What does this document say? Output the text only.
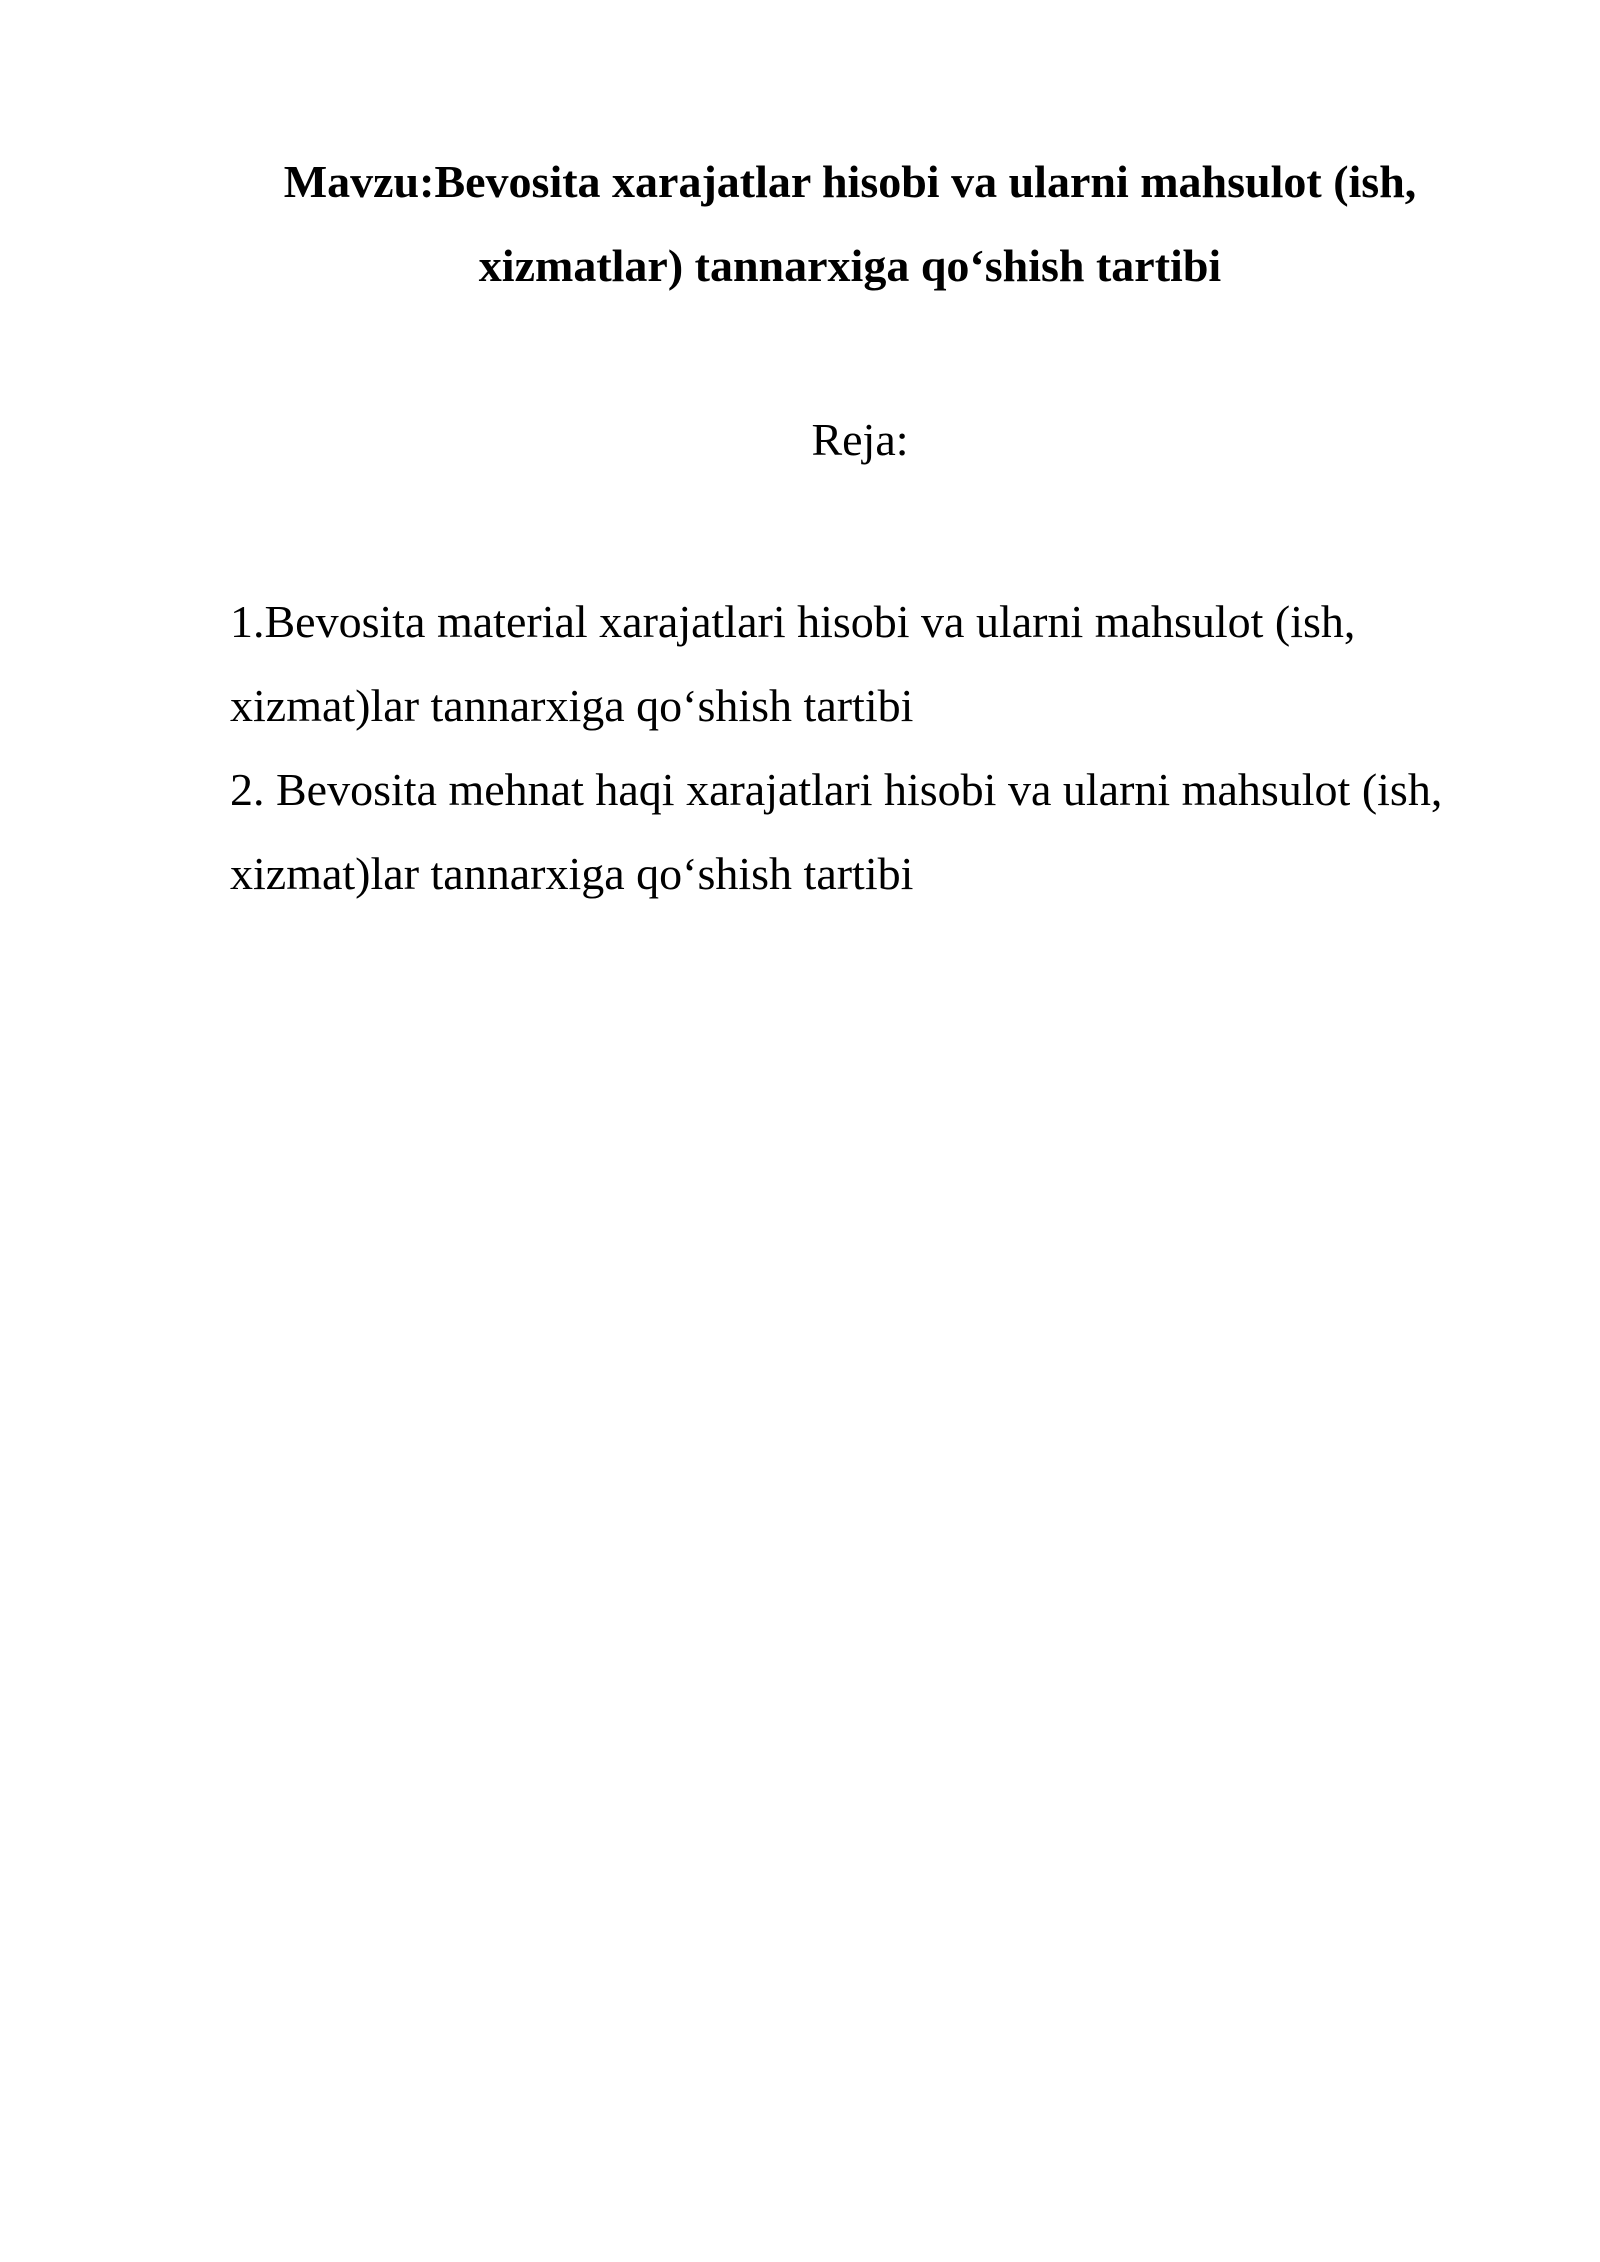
Mavzu:Bevosita xarajatlar hisobi va ularni mahsulot (ish, xizmatlar) tannarxiga qo‘shish tartibi

Reja:

1.Bevosita material xarajatlari hisobi va ularni mahsulot (ish, xizmat)lar tannarxiga qo‘shish tartibi
2. Bevosita mehnat haqi xarajatlari hisobi va ularni mahsulot (ish, xizmat)lar tannarxiga qo‘shish tartibi
